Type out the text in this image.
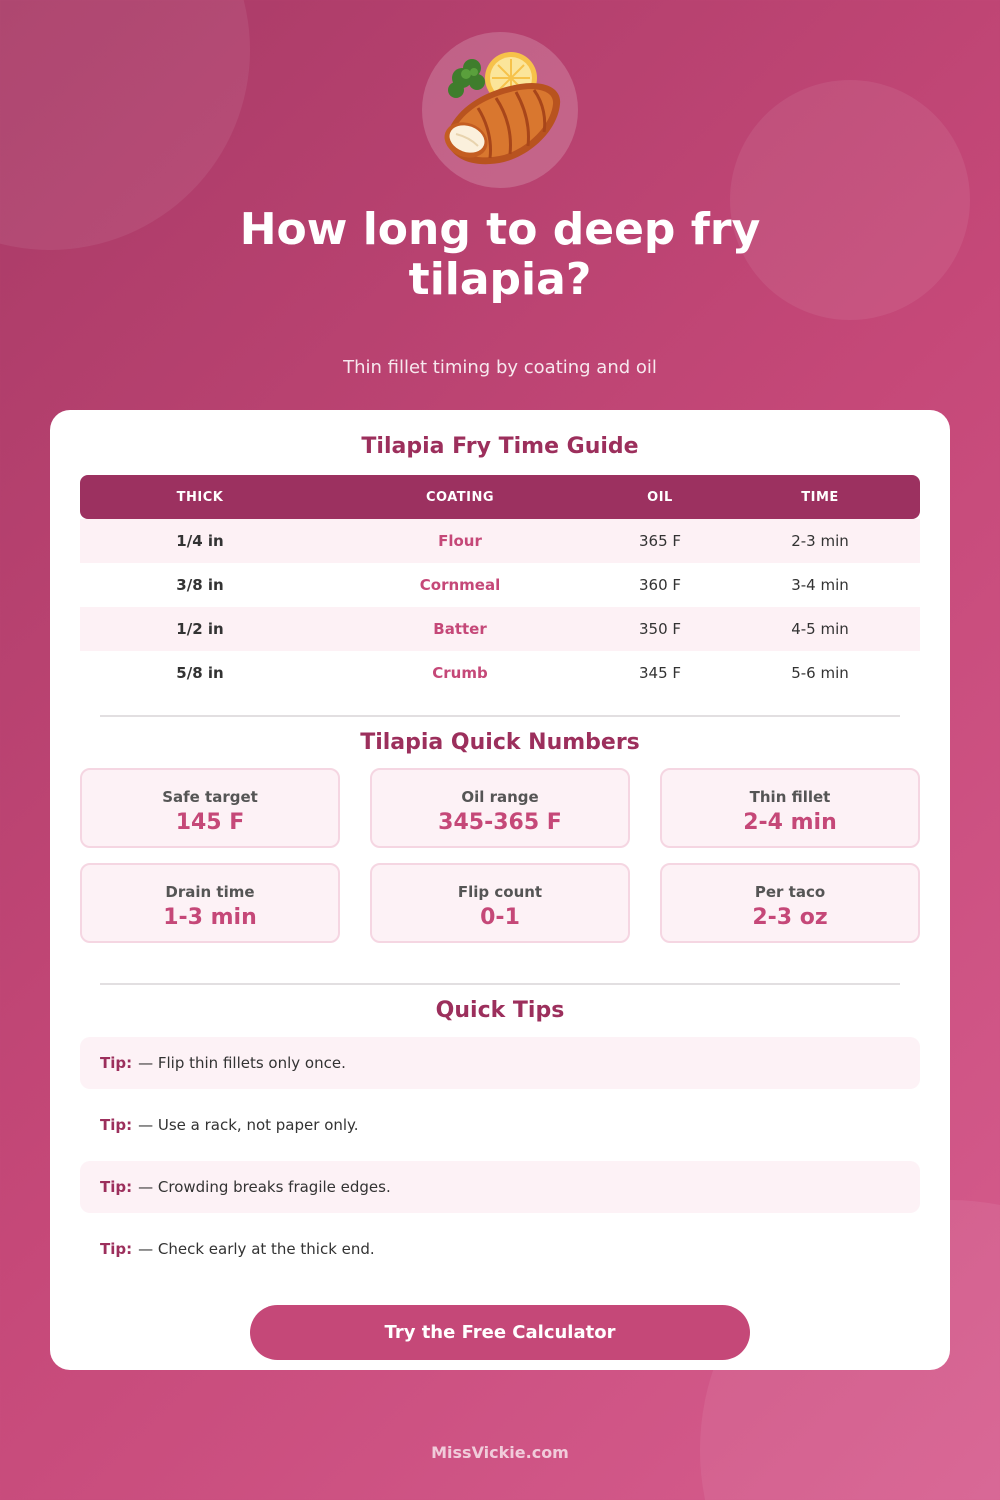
How long to deep fry tilapia?
Thin fillet timing by coating and oil
Tilapia Fry Time Guide
THICK	COATING	OIL	TIME
1/4 in	Flour	365 F	2-3 min
3/8 in	Cornmeal	360 F	3-4 min
1/2 in	Batter	350 F	4-5 min
5/8 in	Crumb	345 F	5-6 min
Tilapia Quick Numbers
Safe target
145 F
Oil range
345-365 F
Thin fillet
2-4 min
Drain time
1-3 min
Flip count
0-1
Per taco
2-3 oz
Quick Tips
Tip: — Flip thin fillets only once.
Tip: — Use a rack, not paper only.
Tip: — Crowding breaks fragile edges.
Tip: — Check early at the thick end.
Try the Free Calculator
MissVickie.com
